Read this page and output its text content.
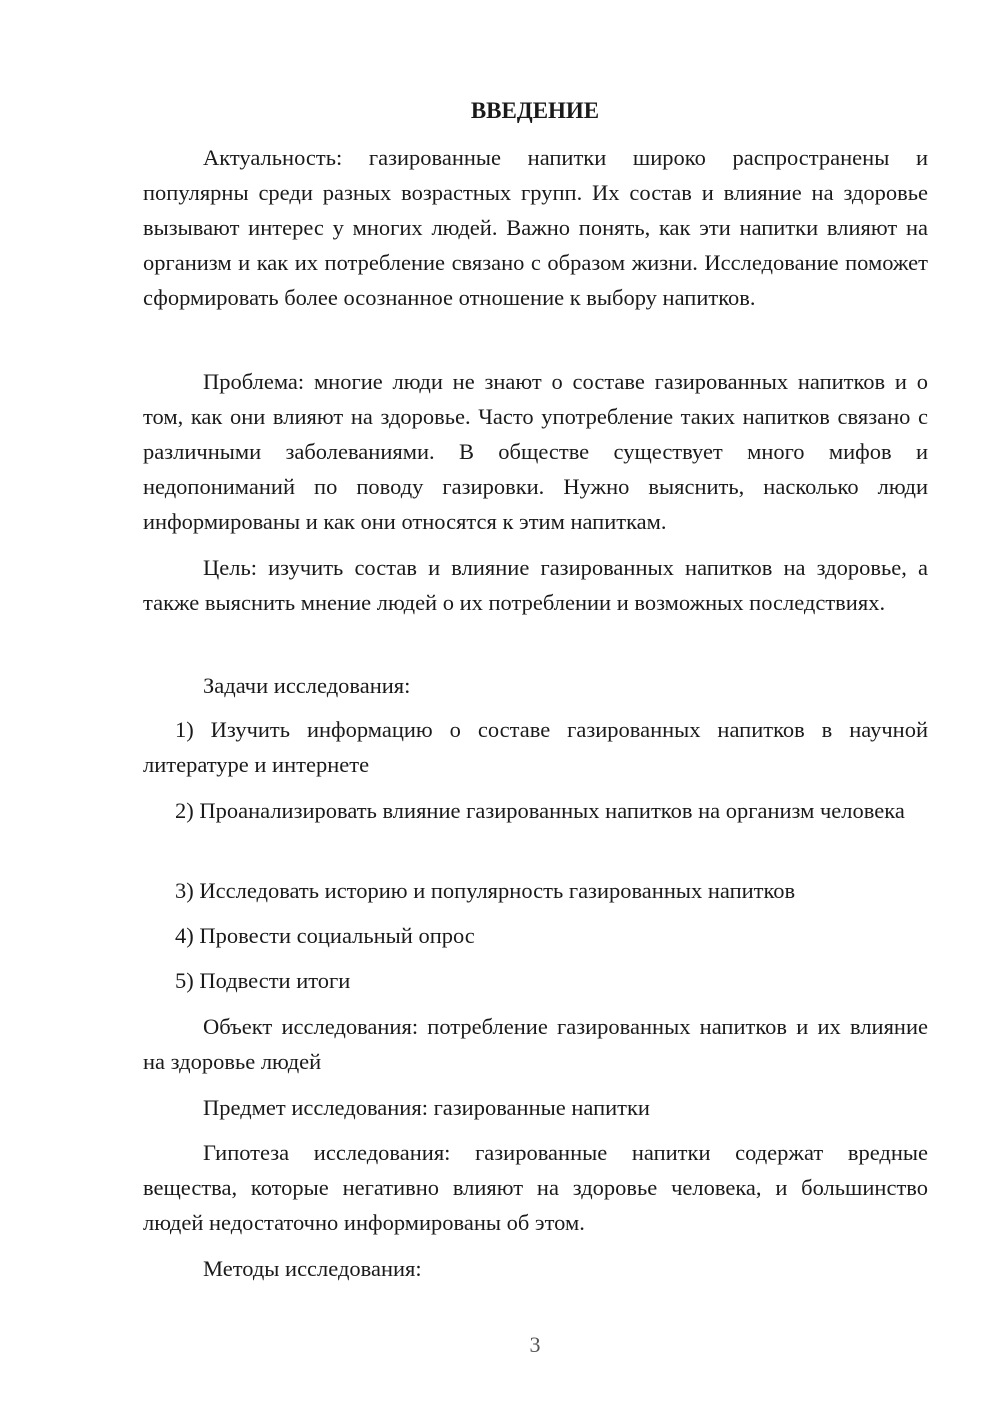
ВВЕДЕНИЕ

Актуальность: газированные напитки широко распространены и популярны среди разных возрастных групп. Их состав и влияние на здоровье вызывают интерес у многих людей. Важно понять, как эти напитки влияют на организм и как их потребление связано с образом жизни. Исследование поможет сформировать более осознанное отношение к выбору напитков.

Проблема: многие люди не знают о составе газированных напитков и о том, как они влияют на здоровье. Часто употребление таких напитков связано с различными заболеваниями. В обществе существует много мифов и недопониманий по поводу газировки. Нужно выяснить, насколько люди информированы и как они относятся к этим напиткам.

Цель: изучить состав и влияние газированных напитков на здоровье, а также выяснить мнение людей о их потреблении и возможных последствиях.

Задачи исследования:

1) Изучить информацию о составе газированных напитков в научной литературе и интернете

2) Проанализировать влияние газированных напитков на организм человека

3) Исследовать историю и популярность газированных напитков

4) Провести социальный опрос

5) Подвести итоги

Объект исследования: потребление газированных напитков и их влияние на здоровье людей

Предмет исследования: газированные напитки

Гипотеза исследования: газированные напитки содержат вредные вещества, которые негативно влияют на здоровье человека, и большинство людей недостаточно информированы об этом.

Методы исследования:

3
